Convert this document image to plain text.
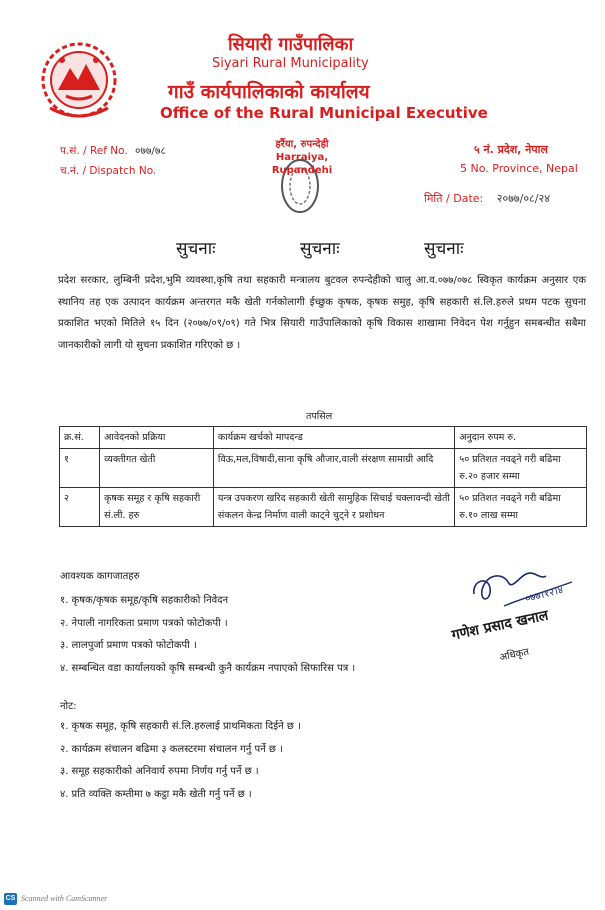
सियारी गाउँपालिका
Siyari Rural Municipality
गाउँ कार्यपालिकाको कार्यालय
Office of the Rural Municipal Executive
प.सं. / Ref No. ०७७/७८
च.नं. / Dispatch No.
हर्रैया, रुपन्देही
Harraiya, Rupandehi
५ नं. प्रदेश, नेपाल
5 No. Province, Nepal
मिति / Date: २०७७/०८/२४
सुचनाः	सुचनाः	सुचनाः
प्रदेश सरकार, लुम्बिनी प्रदेश,भुमि व्यवस्था,कृषि तथा सहकारी मन्त्रालय बुटवल रुपन्देहीको चालु आ.व.०७७/०७८ स्विकृत कार्यक्रम अनुसार एक स्थानिय तह एक उत्पादन कार्यक्रम अन्तरगत मकै खेती गर्नकोलागी ईच्छुक कृषक, कृषक समुह, कृषि सहकारी सं.लि.हरुले प्रथम पटक सुचना प्रकाशित भएको मितिले १५ दिन (२०७७/०९/०९) गते भित्र सियारी गाउँपालिकाको कृषि विकास शाखामा निवेदन पेश गर्नुहुन समबन्धीत सबैमा जानकारीको लागी यो सुचना प्रकाशित गरिएको छ ।
तपसिल
क्र.सं.	आवेदनको प्रक्रिया	कार्यक्रम खर्चको मापदन्ड	अनुदान रुपम रु.
१	व्यक्तीगत खेती	विऊ,मल,विषादी,साना कृषि औजार,वाली संरक्षण सामाग्री आदि	५० प्रतिशत नवढ्ने गरी बढिमा रु.२० हजार सम्मा
२	कृषक समूह र कृषि सहकारी सं.ली. हरु	यन्त्र उपकरण खरिद सहकारी खेती सामुहिक सिचाई चक्लावन्दी खेती संकलन केन्द्र निर्माण वाली काट्ने चुट्ने र प्रशोधन	५० प्रतिशत नवढ्ने गरी बढिमा रु.१० लाख सम्मा
आवश्यक कागजातहरु
१. कृषक/कृषक समूह/कृषि सहकारीको निवेदन
२. नेपाली नागरिकता प्रमाण पत्रको फोटोकपी ।
३. लालपुर्जा प्रमाण पत्रको फोटोकपी ।
४. सम्बन्धित वडा कार्यालयको कृषि सम्बन्धी कुनै कार्यक्रम नपाएको सिफारिस पत्र ।
०७७।१२।४
गणेश प्रसाद खनाल
अधिकृत
नोट:
१. कृषक समूह, कृषि सहकारी सं.लि.हरुलाई प्राथमिकता दिईने छ ।
२. कार्यक्रम संचालन बढिमा ३ कलस्टरमा संचालन गर्नु पर्ने छ ।
३. समूह सहकारीको अनिवार्य रुपमा निर्णय गर्नु पर्ने छ ।
४. प्रति व्यक्ति कम्तीमा ७ कट्ठा मकै खेती गर्नु पर्ने छ ।
CS Scanned with CamScanner
